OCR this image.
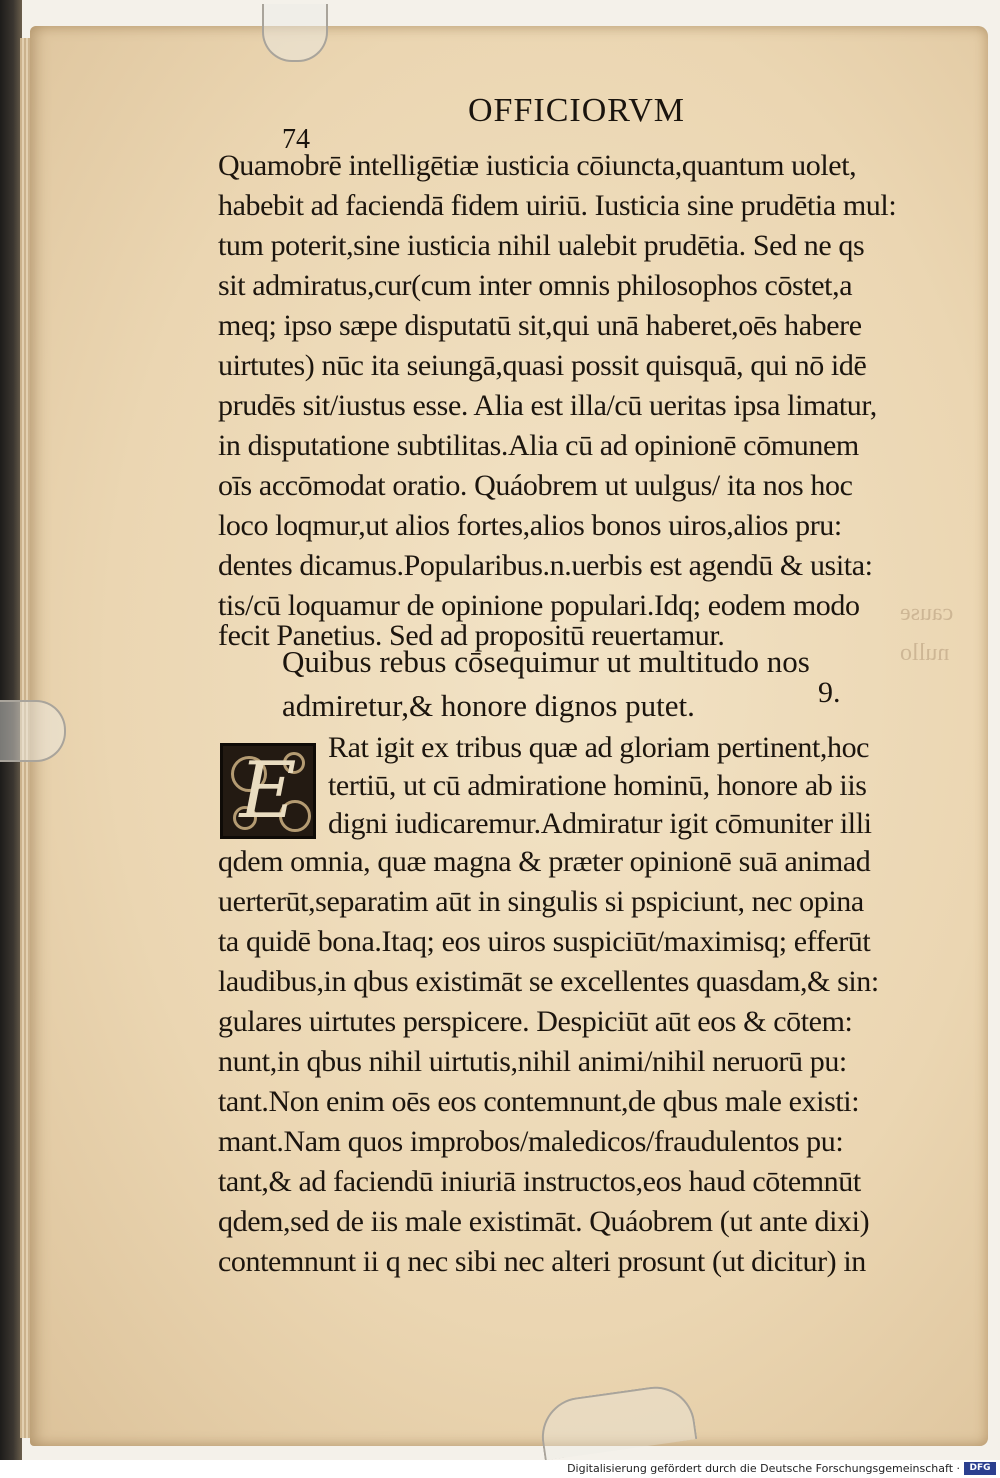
cause
nullo
OFFICIORVM
74
Quamobrē intelligētiæ iusticia cōiuncta,quantum uolet,
habebit ad faciendā fidem uiriū. Iusticia sine prudētia mul:
tum poterit,sine iusticia nihil ualebit prudētia. Sed ne qs
sit admiratus,cur(cum inter omnis philosophos cōstet,a
meq; ipso sæpe disputatū sit,qui unā haberet,oēs habere
uirtutes) nūc ita seiungā,quasi possit quisquā, qui nō idē
prudēs sit/iustus esse. Alia est illa/cū ueritas ipsa limatur,
in disputatione subtilitas.Alia cū ad opinionē cōmunem
oīs accōmodat oratio. Quáobrem ut uulgus/ ita nos hoc
loco loqmur,ut alios fortes,alios bonos uiros,alios pru:
dentes dicamus.Popularibus.n.uerbis est agendū & usita:
tis/cū loquamur de opinione populari.Idq; eodem modo
fecit Panetius. Sed ad propositū reuertamur.
Quibus rebus cōsequimur ut multitudo nos
admiretur,& honore dignos putet.	9.
E	Rat igit ex tribus quæ ad gloriam pertinent,hoc
tertiū, ut cū admiratione hominū, honore ab iis
digni iudicaremur.Admiratur igit cōmuniter illi
qdem omnia, quæ magna & præter opinionē suā animad
uerterūt,separatim aūt in singulis si pspiciunt, nec opina
ta quidē bona.Itaq; eos uiros suspiciūt/maximisq; efferūt
laudibus,in qbus existimāt se excellentes quasdam,& sin:
gulares uirtutes perspicere. Despiciūt aūt eos & cōtem:
nunt,in qbus nihil uirtutis,nihil animi/nihil neruorū pu:
tant.Non enim oēs eos contemnunt,de qbus male existi:
mant.Nam quos improbos/maledicos/fraudulentos pu:
tant,& ad faciendū iniuriā instructos,eos haud cōtemnūt
qdem,sed de iis male existimāt. Quáobrem (ut ante dixi)
contemnunt ii q nec sibi nec alteri prosunt (ut dicitur) in
Digitalisierung gefördert durch die Deutsche Forschungsgemeinschaft ·	DFG
